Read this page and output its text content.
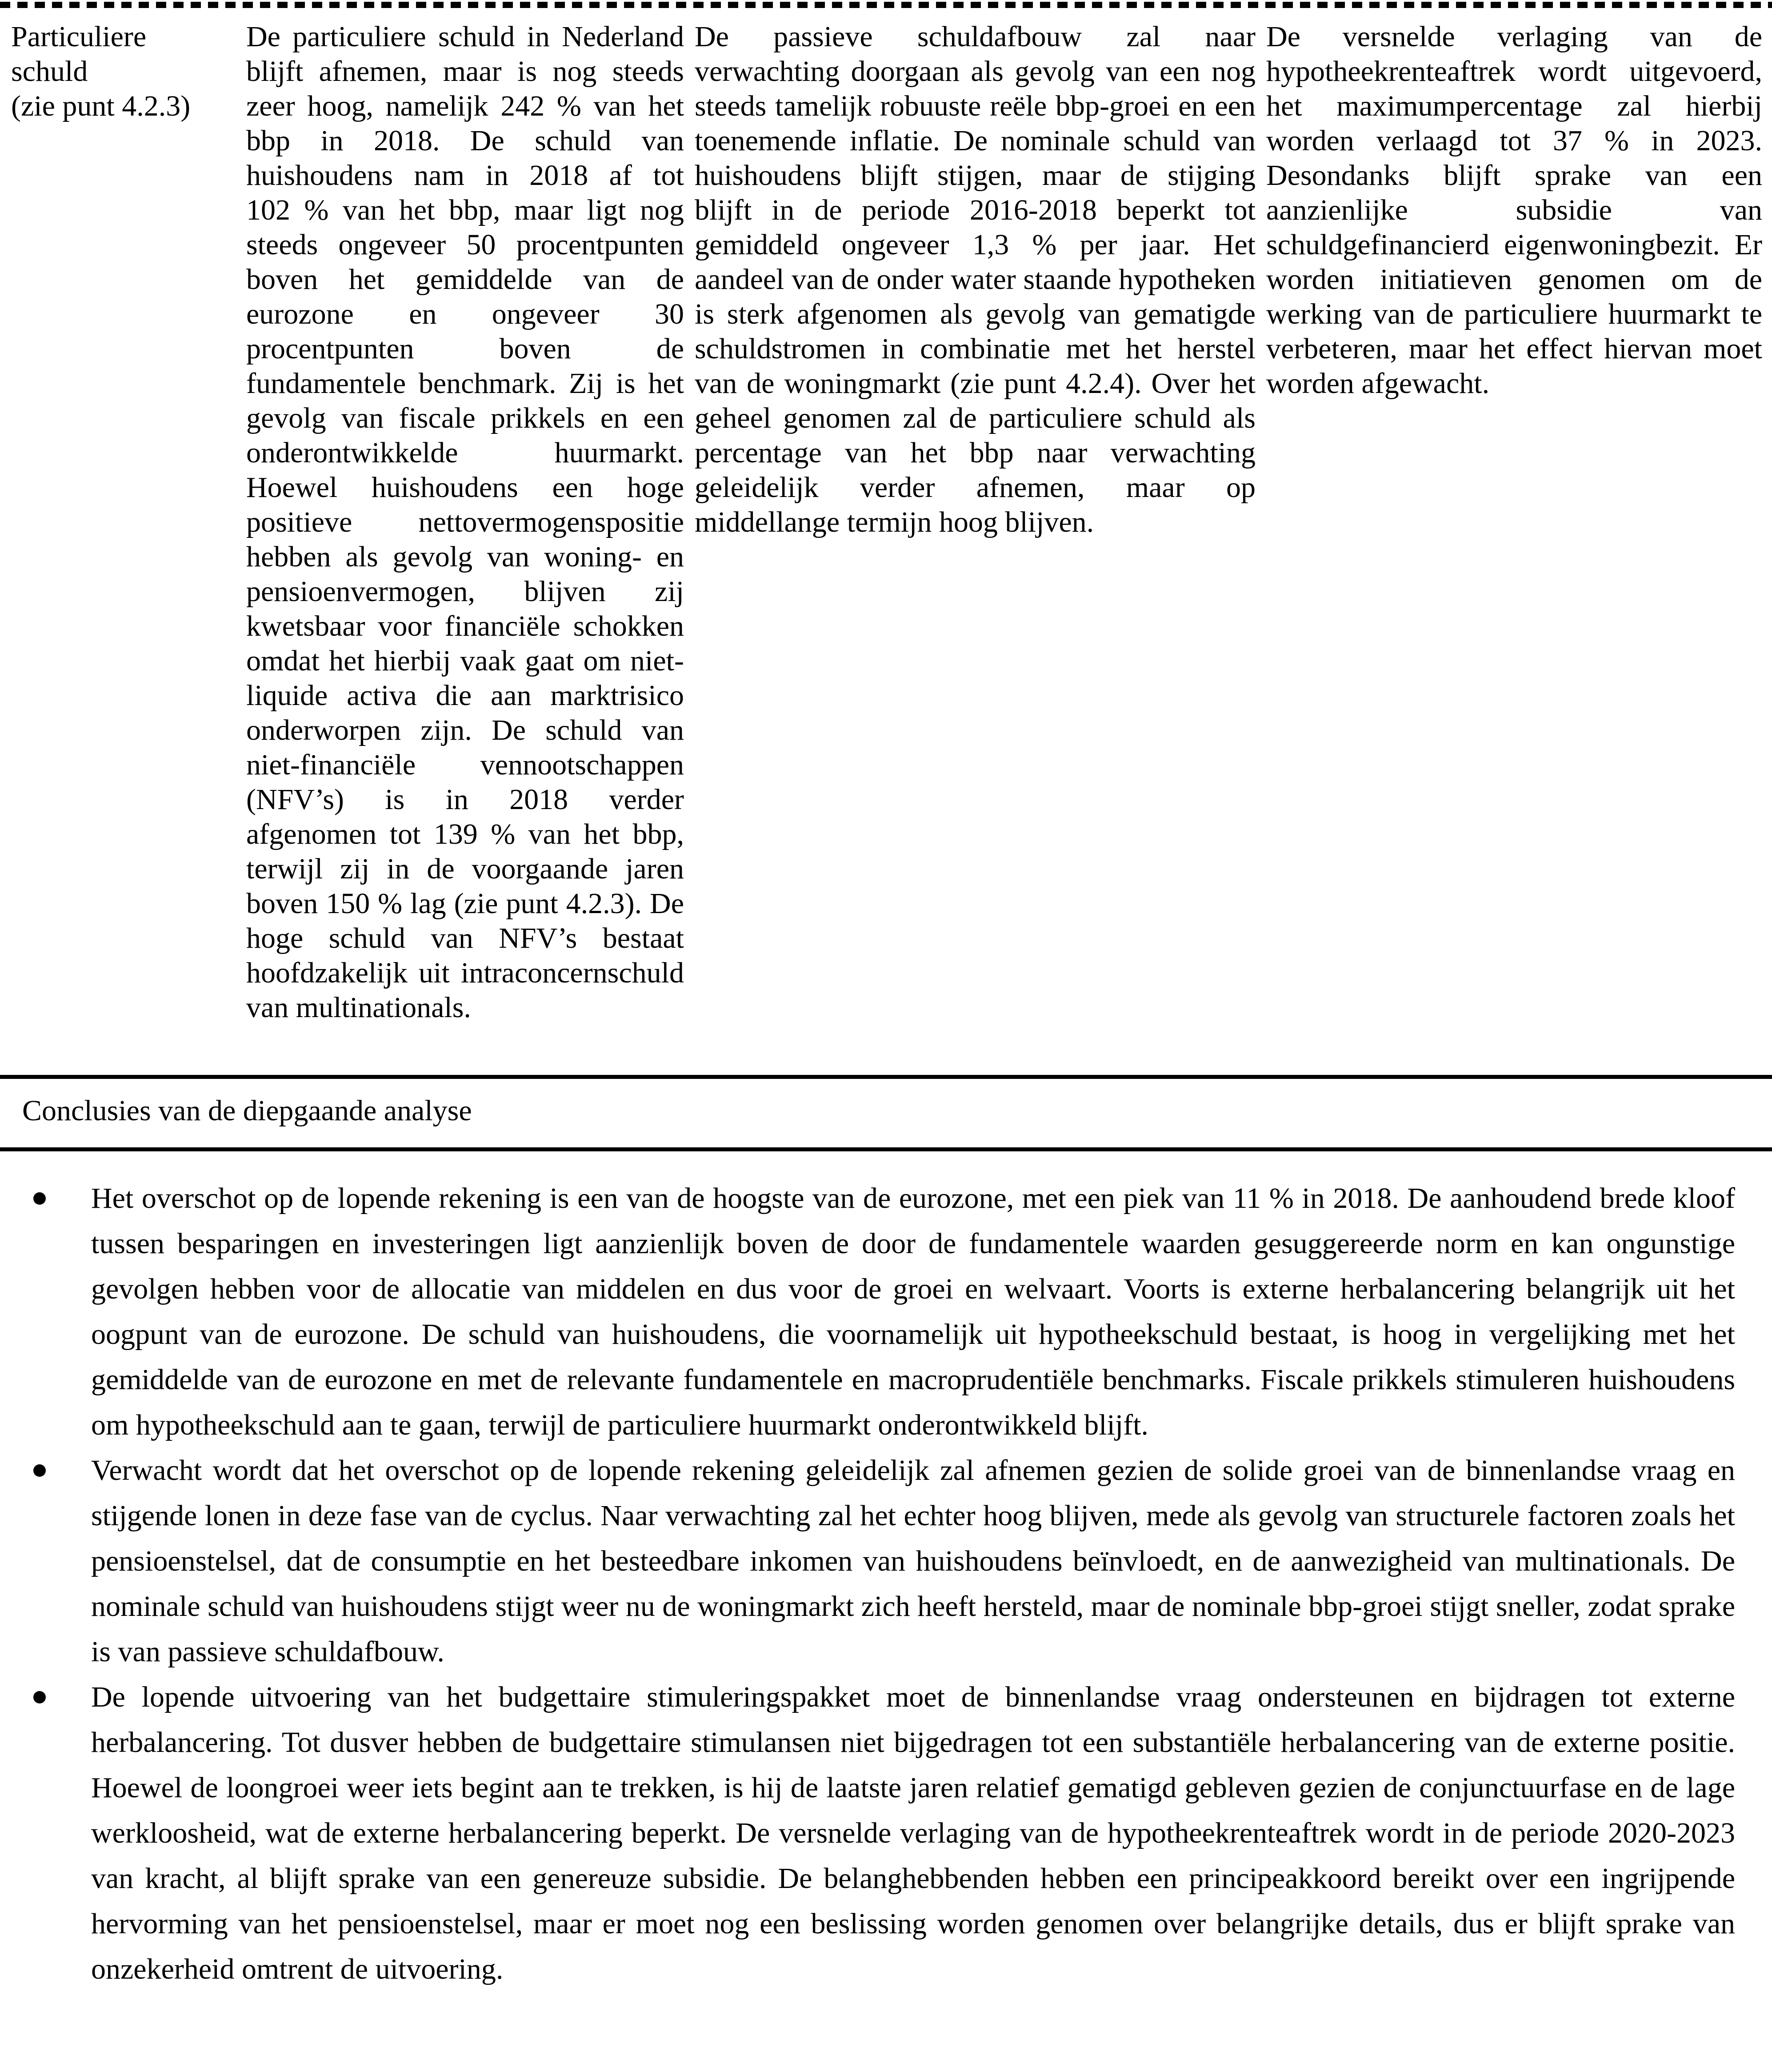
Particuliere schuld
(zie punt 4.2.3)
De particuliere schuld in Nederland blijft afnemen, maar is nog steeds zeer hoog, namelijk 242 % van het bbp in 2018. De schuld van huishoudens nam in 2018 af tot 102 % van het bbp, maar ligt nog steeds ongeveer 50 procentpunten boven het gemiddelde van de eurozone en ongeveer 30 procentpunten boven de fundamentele benchmark. Zij is het gevolg van fiscale prikkels en een onderontwikkelde huurmarkt. Hoewel huishoudens een hoge positieve nettovermogenspositie hebben als gevolg van woning- en pensioenvermogen, blijven zij kwetsbaar voor financiële schokken omdat het hierbij vaak gaat om niet-liquide activa die aan marktrisico onderworpen zijn. De schuld van niet-financiële vennootschappen (NFV’s) is in 2018 verder afgenomen tot 139 % van het bbp, terwijl zij in de voorgaande jaren boven 150 % lag (zie punt 4.2.3). De hoge schuld van NFV’s bestaat hoofdzakelijk uit intraconcernschuld van multinationals.
De passieve schuldafbouw zal naar verwachting doorgaan als gevolg van een nog steeds tamelijk robuuste reële bbp-groei en een toenemende inflatie. De nominale schuld van huishoudens blijft stijgen, maar de stijging blijft in de periode 2016-2018 beperkt tot gemiddeld ongeveer 1,3 % per jaar. Het aandeel van de onder water staande hypotheken is sterk afgenomen als gevolg van gematigde schuldstromen in combinatie met het herstel van de woningmarkt (zie punt 4.2.4). Over het geheel genomen zal de particuliere schuld als percentage van het bbp naar verwachting geleidelijk verder afnemen, maar op middellange termijn hoog blijven.
De versnelde verlaging van de hypotheekrenteaftrek wordt uitgevoerd, het maximumpercentage zal hierbij worden verlaagd tot 37 % in 2023. Desondanks blijft sprake van een aanzienlijke subsidie van schuldgefinancierd eigenwoningbezit. Er worden initiatieven genomen om de werking van de particuliere huurmarkt te verbeteren, maar het effect hiervan moet worden afgewacht.
Conclusies van de diepgaande analyse
Het overschot op de lopende rekening is een van de hoogste van de eurozone, met een piek van 11 % in 2018. De aanhoudend brede kloof tussen besparingen en investeringen ligt aanzienlijk boven de door de fundamentele waarden gesuggereerde norm en kan ongunstige gevolgen hebben voor de allocatie van middelen en dus voor de groei en welvaart. Voorts is externe herbalancering belangrijk uit het oogpunt van de eurozone. De schuld van huishoudens, die voornamelijk uit hypotheekschuld bestaat, is hoog in vergelijking met het gemiddelde van de eurozone en met de relevante fundamentele en macroprudentiële benchmarks. Fiscale prikkels stimuleren huishoudens om hypotheekschuld aan te gaan, terwijl de particuliere huurmarkt onderontwikkeld blijft.
Verwacht wordt dat het overschot op de lopende rekening geleidelijk zal afnemen gezien de solide groei van de binnenlandse vraag en stijgende lonen in deze fase van de cyclus. Naar verwachting zal het echter hoog blijven, mede als gevolg van structurele factoren zoals het pensioenstelsel, dat de consumptie en het besteedbare inkomen van huishoudens beïnvloedt, en de aanwezigheid van multinationals. De nominale schuld van huishoudens stijgt weer nu de woningmarkt zich heeft hersteld, maar de nominale bbp-groei stijgt sneller, zodat sprake is van passieve schuldafbouw.
De lopende uitvoering van het budgettaire stimuleringspakket moet de binnenlandse vraag ondersteunen en bijdragen tot externe herbalancering. Tot dusver hebben de budgettaire stimulansen niet bijgedragen tot een substantiële herbalancering van de externe positie. Hoewel de loongroei weer iets begint aan te trekken, is hij de laatste jaren relatief gematigd gebleven gezien de conjunctuurfase en de lage werkloosheid, wat de externe herbalancering beperkt. De versnelde verlaging van de hypotheekrenteaftrek wordt in de periode 2020-2023 van kracht, al blijft sprake van een genereuze subsidie. De belanghebbenden hebben een principeakkoord bereikt over een ingrijpende hervorming van het pensioenstelsel, maar er moet nog een beslissing worden genomen over belangrijke details, dus er blijft sprake van onzekerheid omtrent de uitvoering.
